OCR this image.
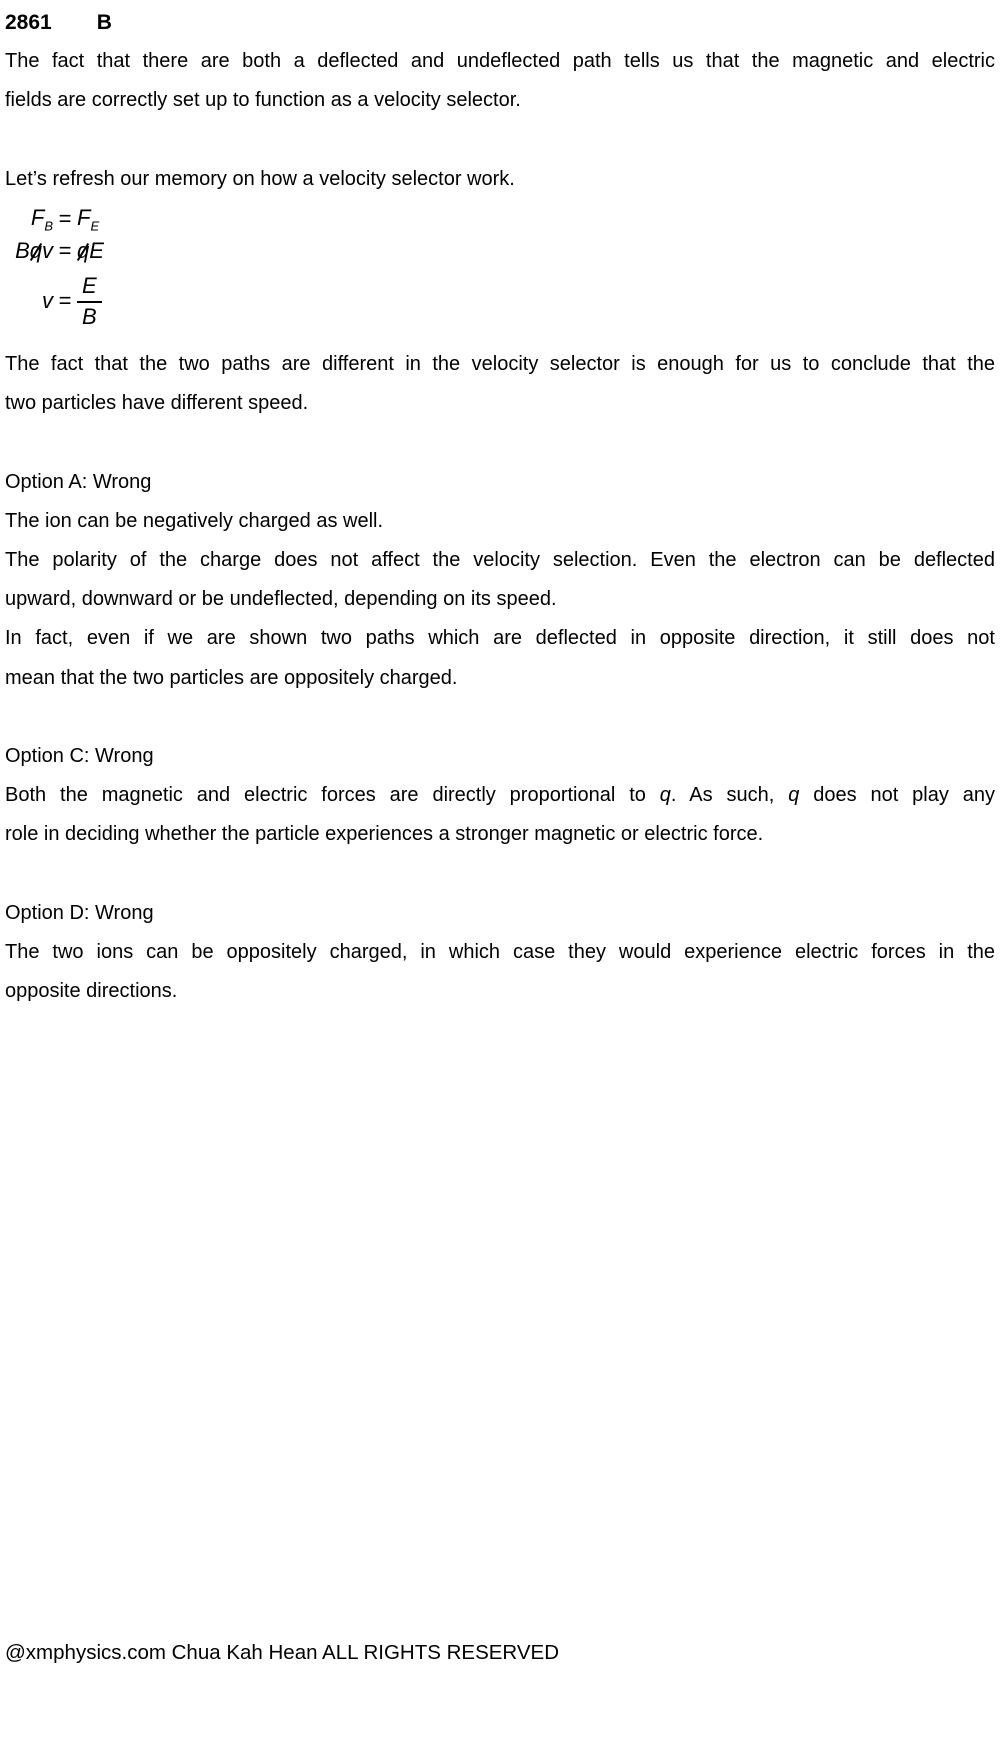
2861 B
The fact that there are both a deflected and undeflected path tells us that the magnetic and electric
fields are correctly set up to function as a velocity selector.
Let’s refresh our memory on how a velocity selector work.
$F_B = F_E$
Bqv = qE
$v = \frac{E}{B}$
The fact that the two paths are different in the velocity selector is enough for us to conclude that the
two particles have different speed.
Option A: Wrong
The ion can be negatively charged as well.
The polarity of the charge does not affect the velocity selection. Even the electron can be deflected
upward, downward or be undeflected, depending on its speed.
In fact, even if we are shown two paths which are deflected in opposite direction, it still does not
mean that the two particles are oppositely charged.
Option C: Wrong
Both the magnetic and electric forces are directly proportional to q. As such, q does not play any
role in deciding whether the particle experiences a stronger magnetic or electric force.
Option D: Wrong
The two ions can be oppositely charged, in which case they would experience electric forces in the
opposite directions.
@xmphysics.com Chua Kah Hean ALL RIGHTS RESERVED
